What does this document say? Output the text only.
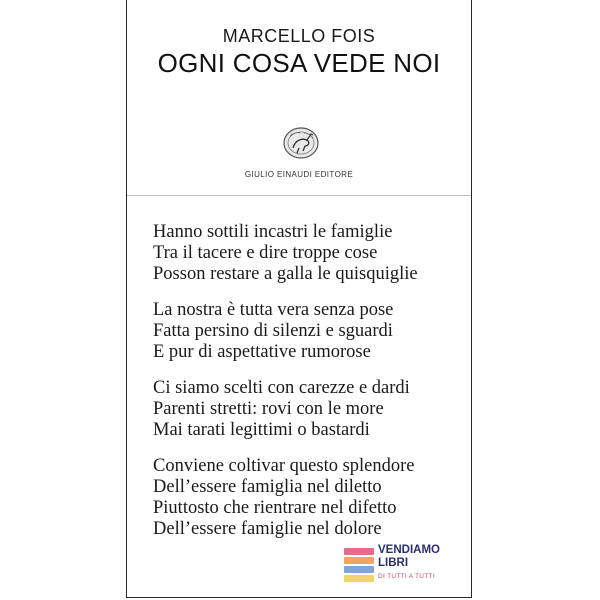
MARCELLO FOIS
OGNI COSA VEDE NOI
GIULIO EINAUDI EDITORE
Hanno sottili incastri le famiglie
Tra il tacere e dire troppe cose
Posson restare a galla le quisquiglie
La nostra è tutta vera senza pose
Fatta persino di silenzi e sguardi
E pur di aspettative rumorose
Ci siamo scelti con carezze e dardi
Parenti stretti: rovi con le more
Mai tarati legittimi o bastardi
Conviene coltivar questo splendore
Dell’essere famiglia nel diletto
Piuttosto che rientrare nel difetto
Dell’essere famiglie nel dolore
VENDIAMO
LIBRI
DI TUTTI A TUTTI
